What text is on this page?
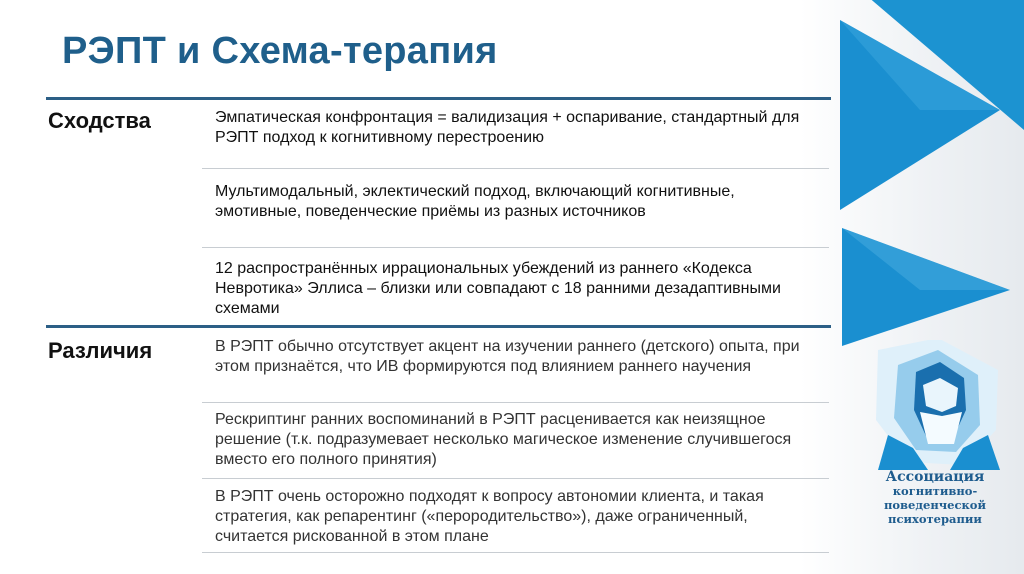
Ассоциация
когнитивно-поведенческой
психотерапии
РЭПТ и Схема-терапия
Сходства	Эмпатическая конфронтация = валидизация + оспаривание, стандартный для РЭПТ подход к когнитивному перестроению
Мультимодальный, эклектический подход, включающий когнитивные, эмотивные, поведенческие приёмы из разных источников
12 распространённых иррациональных убеждений из раннего «Кодекса Невротика» Эллиса – близки или совпадают с 18 ранними дезадаптивными схемами
Различия	В РЭПТ обычно отсутствует акцент на изучении раннего (детского) опыта, при этом признаётся, что ИВ формируются под влиянием раннего научения
Рескриптинг ранних воспоминаний в РЭПТ расценивается как неизящное решение (т.к. подразумевает несколько магическое изменение случившегося вместо его полного принятия)
В РЭПТ очень осторожно подходят к вопросу автономии клиента, и такая стратегия, как репарентинг («перородительство»), даже ограниченный, считается рискованной в этом плане
